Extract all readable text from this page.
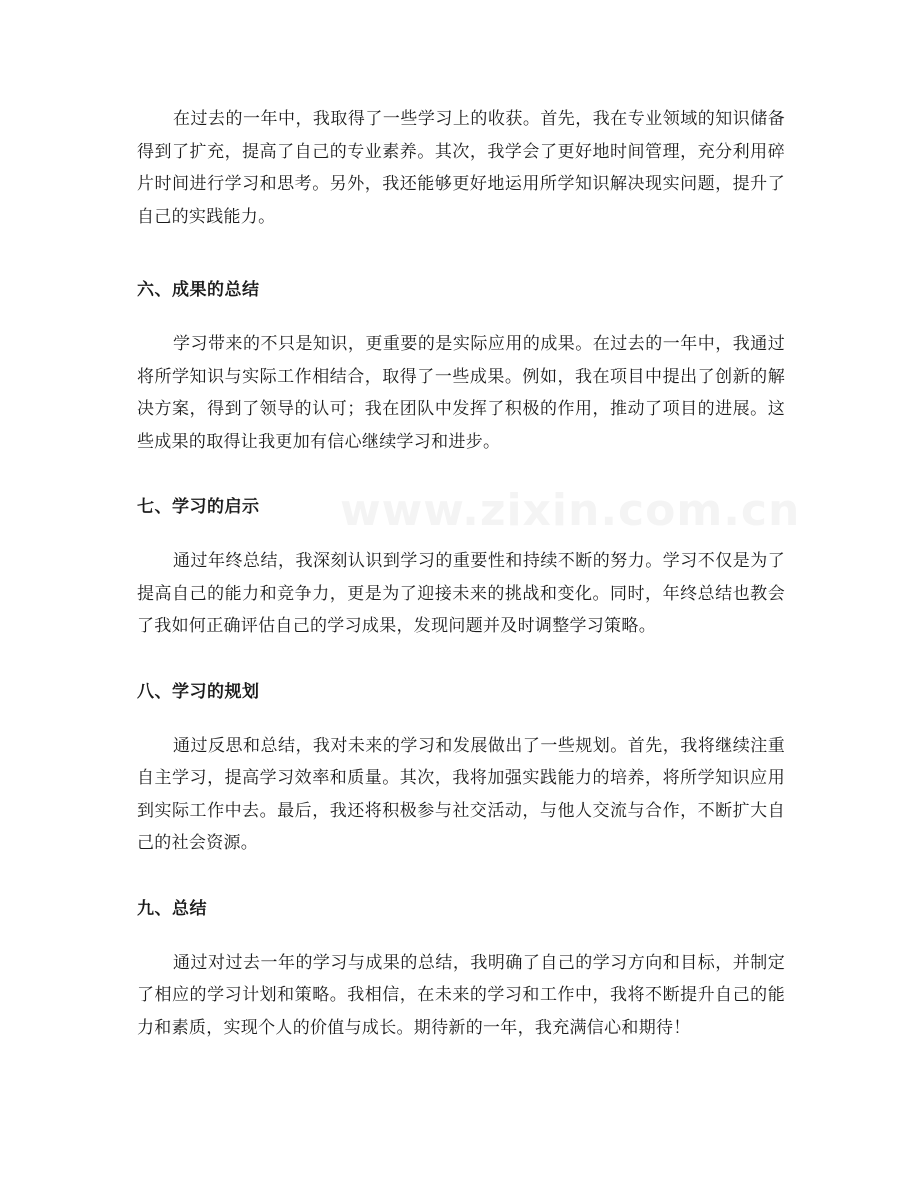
www.zixin.com.cn

在过去的一年中，我取得了一些学习上的收获。首先，我在专业领域的知识储备得到了扩充，提高了自己的专业素养。其次，我学会了更好地时间管理，充分利用碎片时间进行学习和思考。另外，我还能够更好地运用所学知识解决现实问题，提升了自己的实践能力。

六、成果的总结

学习带来的不只是知识，更重要的是实际应用的成果。在过去的一年中，我通过将所学知识与实际工作相结合，取得了一些成果。例如，我在项目中提出了创新的解决方案，得到了领导的认可；我在团队中发挥了积极的作用，推动了项目的进展。这些成果的取得让我更加有信心继续学习和进步。

七、学习的启示

通过年终总结，我深刻认识到学习的重要性和持续不断的努力。学习不仅是为了提高自己的能力和竞争力，更是为了迎接未来的挑战和变化。同时，年终总结也教会了我如何正确评估自己的学习成果，发现问题并及时调整学习策略。

八、学习的规划

通过反思和总结，我对未来的学习和发展做出了一些规划。首先，我将继续注重自主学习，提高学习效率和质量。其次，我将加强实践能力的培养，将所学知识应用到实际工作中去。最后，我还将积极参与社交活动，与他人交流与合作，不断扩大自己的社会资源。

九、总结

通过对过去一年的学习与成果的总结，我明确了自己的学习方向和目标，并制定了相应的学习计划和策略。我相信，在未来的学习和工作中，我将不断提升自己的能力和素质，实现个人的价值与成长。期待新的一年，我充满信心和期待！
